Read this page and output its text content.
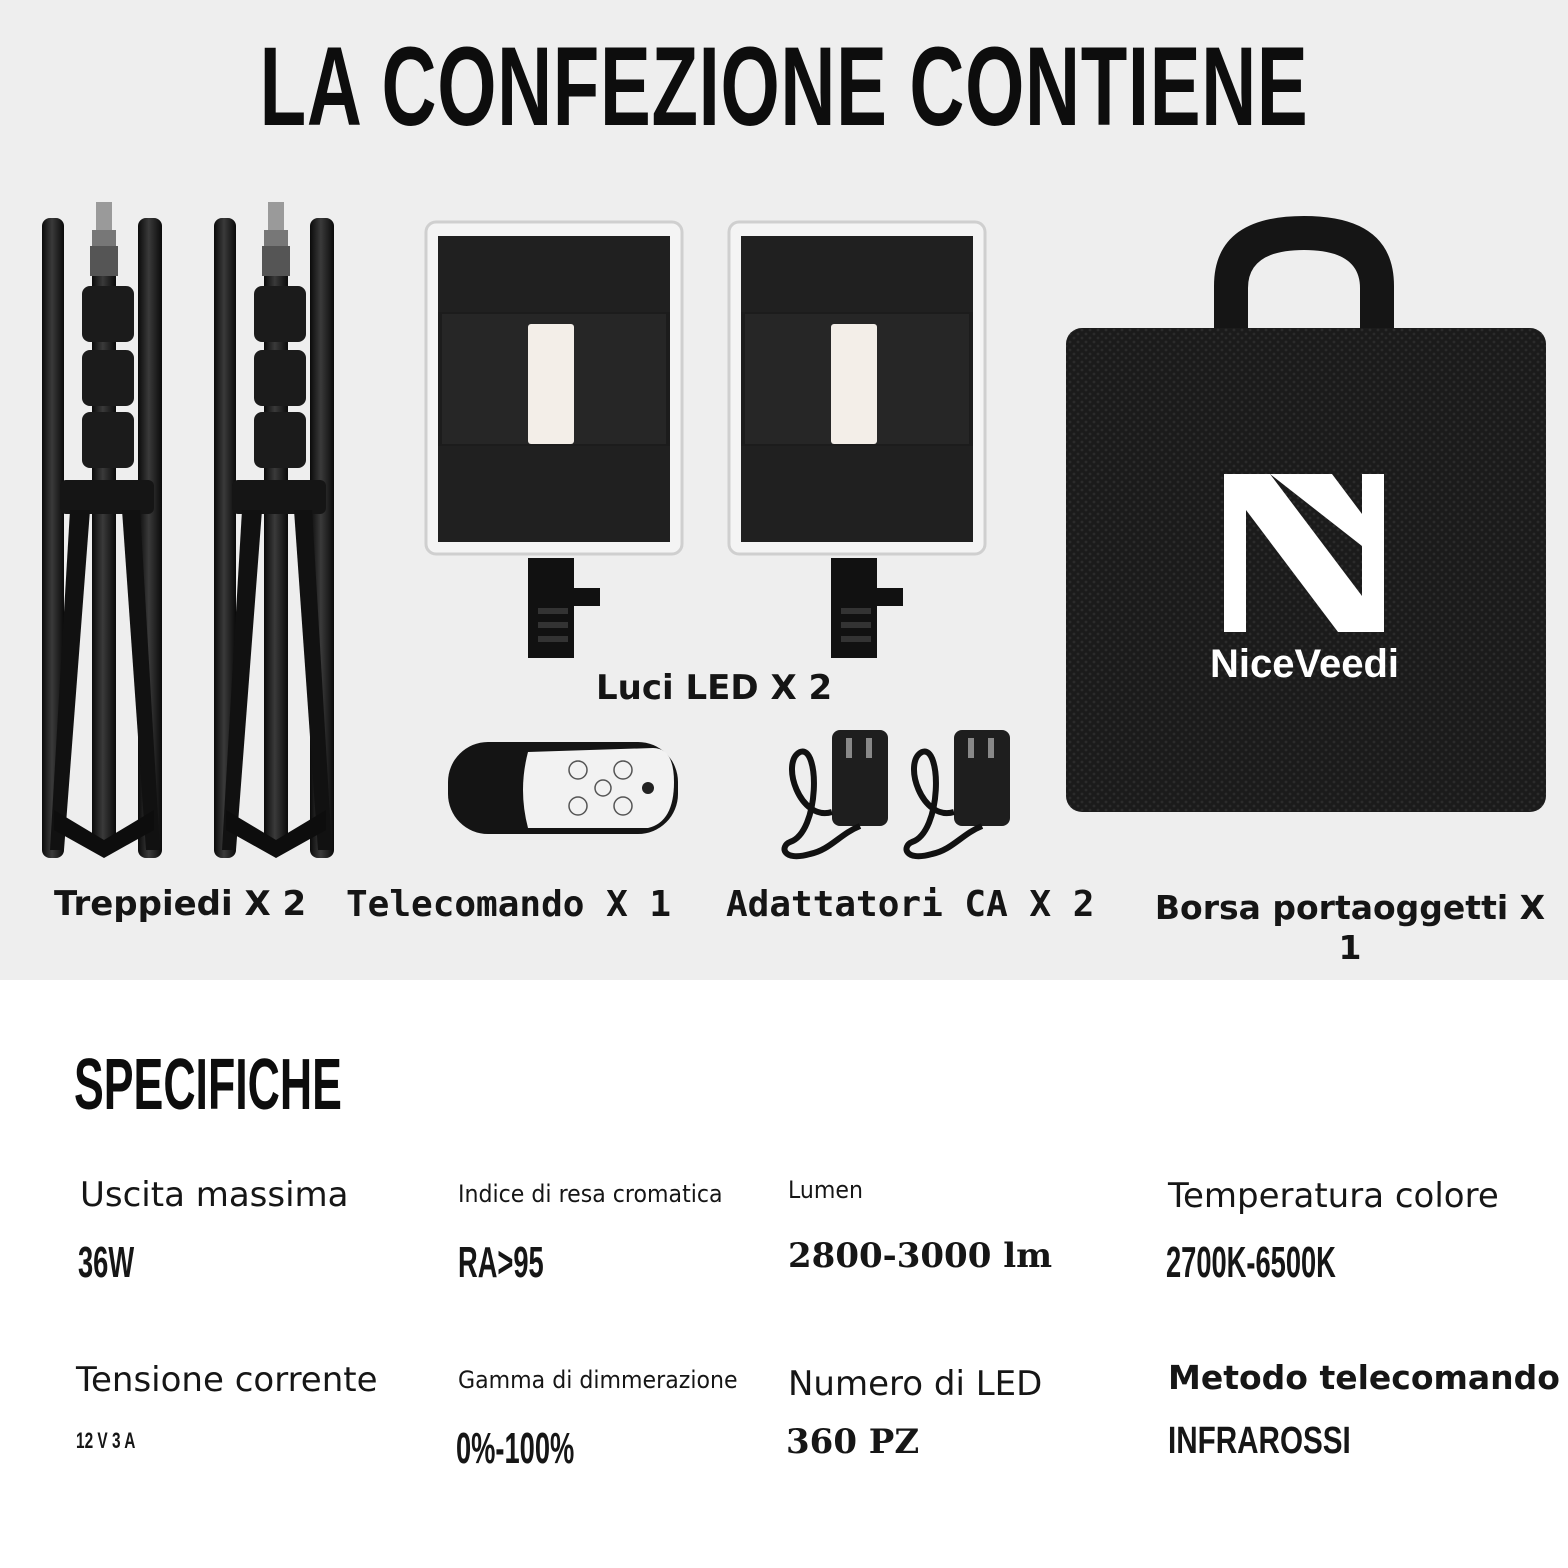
LA CONFEZIONE CONTIENE
Treppiedi X 2
Luci LED X 2
Telecomando X 1 Adattatori CA X 2
NiceVeedi
Borsa portaoggetti X 1
SPECIFICHE
Uscita massima
36W
Indice di resa cromatica
RA>95
Lumen
2800-3000 lm
Temperatura colore
2700K-6500K
Tensione corrente
12 V 3 A
Gamma di dimmerazione
0%-100%
Numero di LED
360 PZ
Metodo telecomando
INFRAROSSI
